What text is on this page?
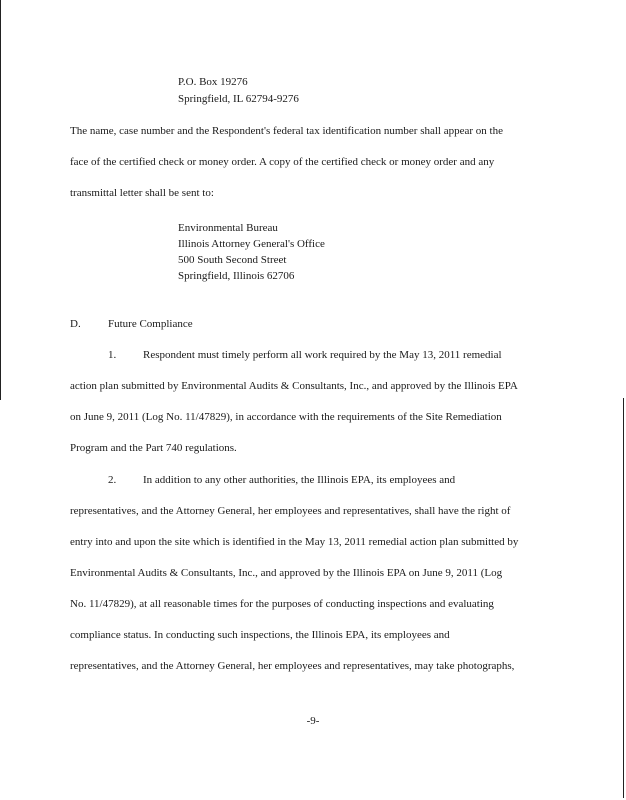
P.O. Box 19276
Springfield, IL 62794-9276
The name, case number and the Respondent's federal tax identification number shall appear on the
face of the certified check or money order. A copy of the certified check or money order and any
transmittal letter shall be sent to:
Environmental Bureau
Illinois Attorney General's Office
500 South Second Street
Springfield, Illinois 62706
D. Future Compliance
1. Respondent must timely perform all work required by the May 13, 2011 remedial
action plan submitted by Environmental Audits & Consultants, Inc., and approved by the Illinois EPA
on June 9, 2011 (Log No. 11/47829), in accordance with the requirements of the Site Remediation
Program and the Part 740 regulations.
2. In addition to any other authorities, the Illinois EPA, its employees and
representatives, and the Attorney General, her employees and representatives, shall have the right of
entry into and upon the site which is identified in the May 13, 2011 remedial action plan submitted by
Environmental Audits & Consultants, Inc., and approved by the Illinois EPA on June 9, 2011 (Log
No. 11/47829), at all reasonable times for the purposes of conducting inspections and evaluating
compliance status. In conducting such inspections, the Illinois EPA, its employees and
representatives, and the Attorney General, her employees and representatives, may take photographs,
-9-
